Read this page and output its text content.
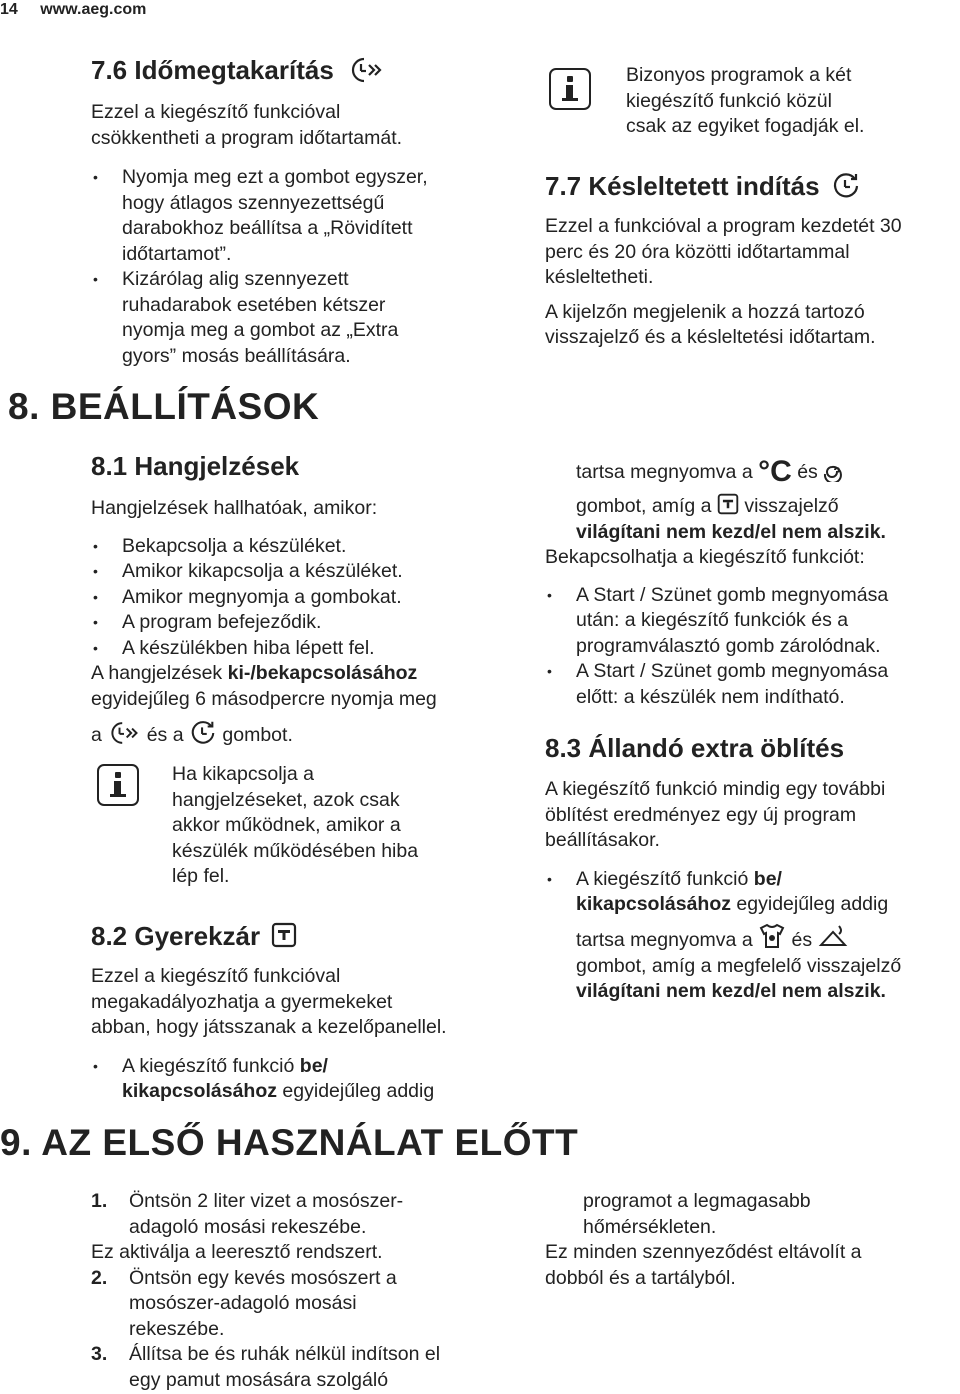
14 www.aeg.com
7.6 Időmegtakarítás

Ezzel a kiegészítő funkcióval
csökkentheti a program időtartamát.

• Nyomja meg ezt a gombot egyszer,
hogy átlagos szennyezettségű
darabokhoz beállítsa a „Rövidített
időtartamot”.
• Kizárólag alig szennyezett
ruhadarabok esetében kétszer
nyomja meg a gombot az „Extra
gyors” mosás beállítására.

Bizonyos programok a két
kiegészítő funkció közül
csak az egyiket fogadják el.

7.7 Késleltetett indítás

Ezzel a funkcióval a program kezdetét 30
perc és 20 óra közötti időtartammal
késleltetheti.

A kijelzőn megjelenik a hozzá tartozó
visszajelző és a késleltetési időtartam.

8. BEÁLLÍTÁSOK
8.1 Hangjelzések

Hangjelzések hallhatóak, amikor:

• Bekapcsolja a készüléket.
• Amikor kikapcsolja a készüléket.
• Amikor megnyomja a gombokat.
• A program befejeződik.
• A készülékben hiba lépett fel.

A hangjelzések ki-/bekapcsolásához
egyidejűleg 6 másodpercre nyomja meg

a és a gombot.

Ha kikapcsolja a
hangjelzéseket, azok csak
akkor működnek, amikor a
készülék működésében hiba
lép fel.

8.2 Gyerekzár

Ezzel a kiegészítő funkcióval
megakadályozhatja a gyermekeket
abban, hogy játsszanak a kezelőpanellel.

• A kiegészítő funkció be/
kikapcsolásához egyidejűleg addig

tartsa megnyomva a °C és

gombot, amíg a visszajelző
világítani nem kezd/el nem alszik.

Bekapcsolhatja a kiegészítő funkciót:

• A Start / Szünet gomb megnyomása
után: a kiegészítő funkciók és a
programválasztó gomb zárolódnak.
• A Start / Szünet gomb megnyomása
előtt: a készülék nem indítható.
8.3 Állandó extra öblítés

A kiegészítő funkció mindig egy további
öblítést eredményez egy új program
beállításakor.

• A kiegészítő funkció be/
kikapcsolásához egyidejűleg addig
tartsa megnyomva a és
gombot, amíg a megfelelő visszajelző
világítani nem kezd/el nem alszik.
9. AZ ELSŐ HASZNÁLAT ELŐTT
1. Öntsön 2 liter vizet a mosószer-
adagoló mosási rekeszébe.

Ez aktiválja a leeresztő rendszert.

2. Öntsön egy kevés mosószert a
mosószer-adagoló mosási
rekeszébe.
3. Állítsa be és ruhák nélkül indítson el
egy pamut mosására szolgáló

programot a legmagasabb
hőmérsékleten.

Ez minden szennyeződést eltávolít a
dobból és a tartályból.
